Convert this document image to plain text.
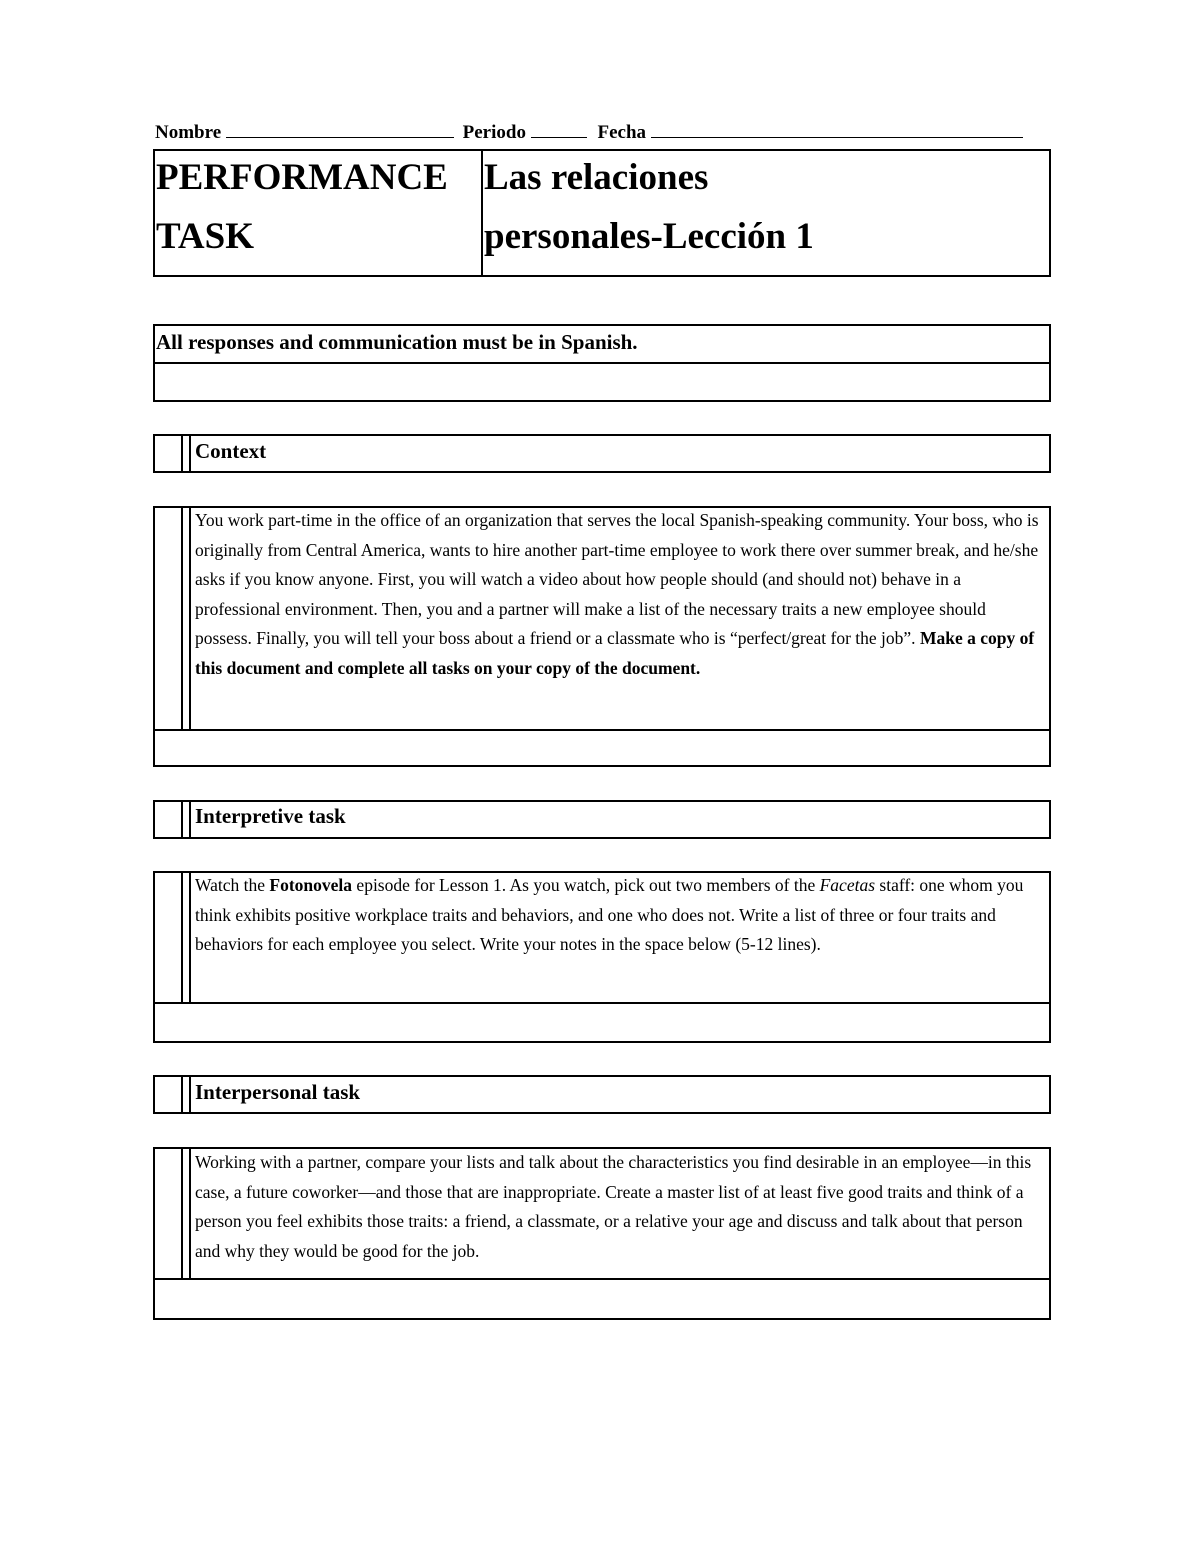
Nombre	Periodo	Fecha
PERFORMANCE
TASK
Las relaciones
personales-Lección 1
All responses and communication must be in Spanish.
Context
You work part-time in the office of an organization that serves the local Spanish-speaking community. Your boss, who is originally from Central America, wants to hire another part-time employee to work there over summer break, and he/she asks if you know anyone. First, you will watch a video about how people should (and should not) behave in a professional environment. Then, you and a partner will make a list of the necessary traits a new employee should possess. Finally, you will tell your boss about a friend or a classmate who is “perfect/great for the job”. Make a copy of this document and complete all tasks on your copy of the document.
Interpretive task
Watch the Fotonovela episode for Lesson 1. As you watch, pick out two members of the Facetas staff: one whom you think exhibits positive workplace traits and behaviors, and one who does not. Write a list of three or four traits and behaviors for each employee you select. Write your notes in the space below (5-12 lines).
Interpersonal task
Working with a partner, compare your lists and talk about the characteristics you find desirable in an employee—in this case, a future coworker—and those that are inappropriate. Create a master list of at least five good traits and think of a person you feel exhibits those traits: a friend, a classmate, or a relative your age and discuss and talk about that person and why they would be good for the job.
